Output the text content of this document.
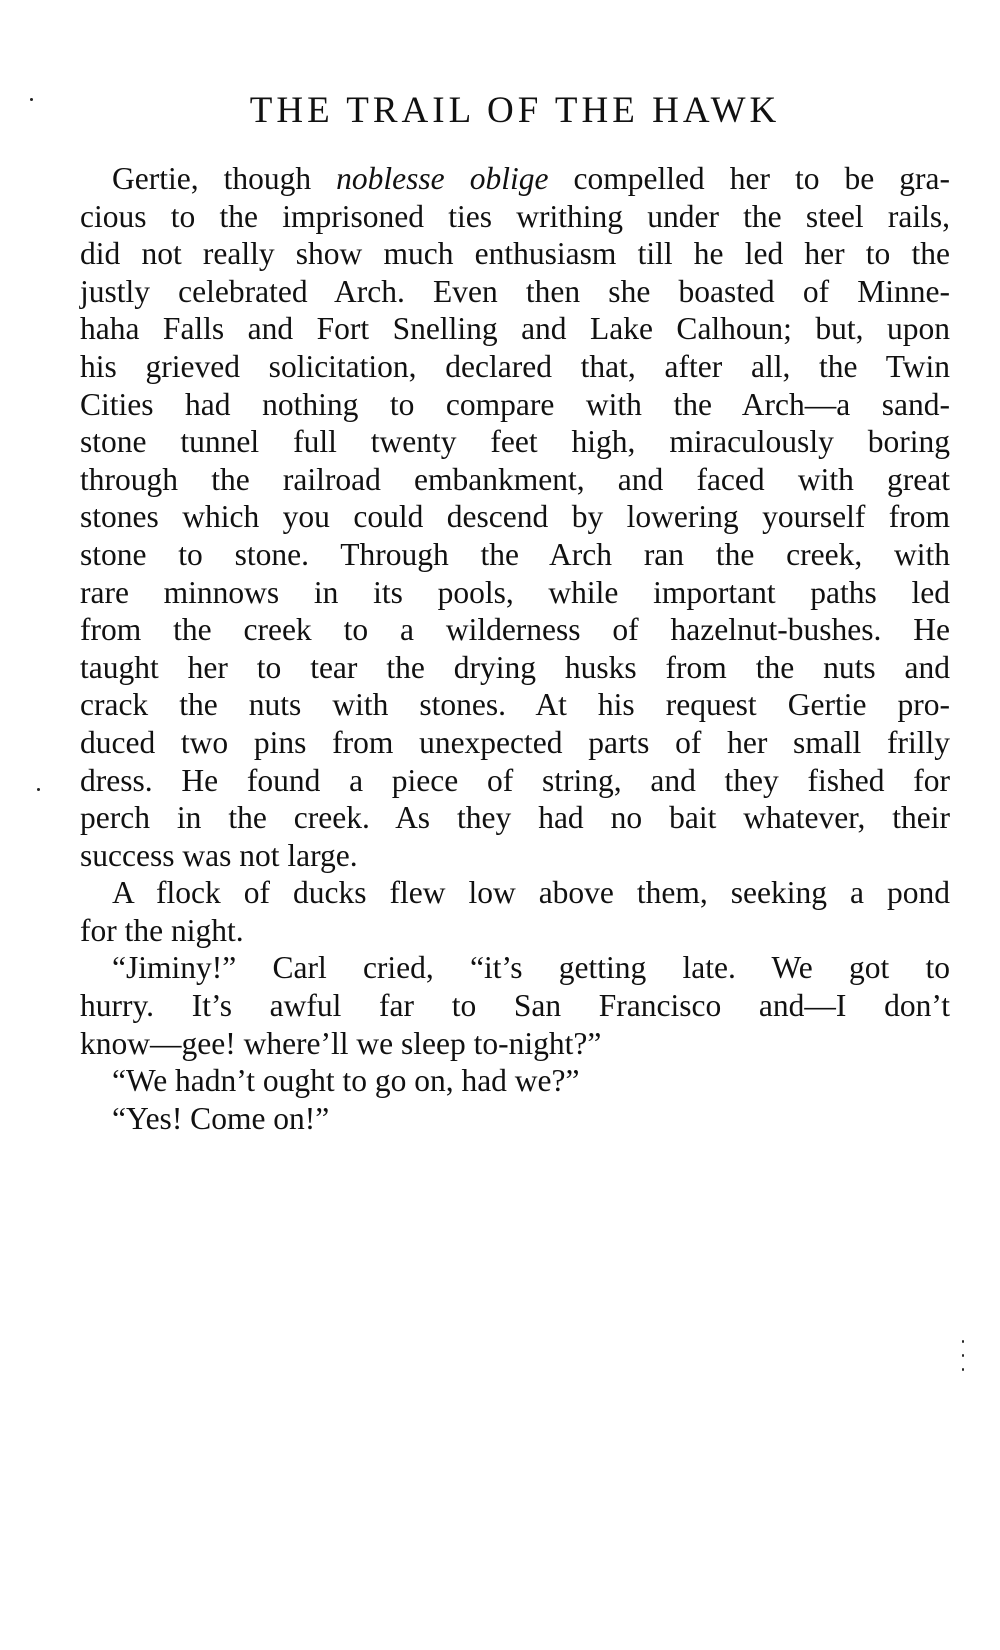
THE TRAIL OF THE HAWK
Gertie, though noblesse oblige compelled her to be gra-
cious to the imprisoned ties writhing under the steel rails,
did not really show much enthusiasm till he led her to the
justly celebrated Arch. Even then she boasted of Minne-
haha Falls and Fort Snelling and Lake Calhoun; but, upon
his grieved solicitation, declared that, after all, the Twin
Cities had nothing to compare with the Arch—a sand-
stone tunnel full twenty feet high, miraculously boring
through the railroad embankment, and faced with great
stones which you could descend by lowering yourself from
stone to stone. Through the Arch ran the creek, with
rare minnows in its pools, while important paths led
from the creek to a wilderness of hazelnut-bushes. He
taught her to tear the drying husks from the nuts and
crack the nuts with stones. At his request Gertie pro-
duced two pins from unexpected parts of her small frilly
dress. He found a piece of string, and they fished for
perch in the creek. As they had no bait whatever, their
success was not large.
A flock of ducks flew low above them, seeking a pond
for the night.
“Jiminy!” Carl cried, “it’s getting late. We got to
hurry. It’s awful far to San Francisco and—I don’t
know—gee! where’ll we sleep to-night?”
“We hadn’t ought to go on, had we?”
“Yes! Come on!”
